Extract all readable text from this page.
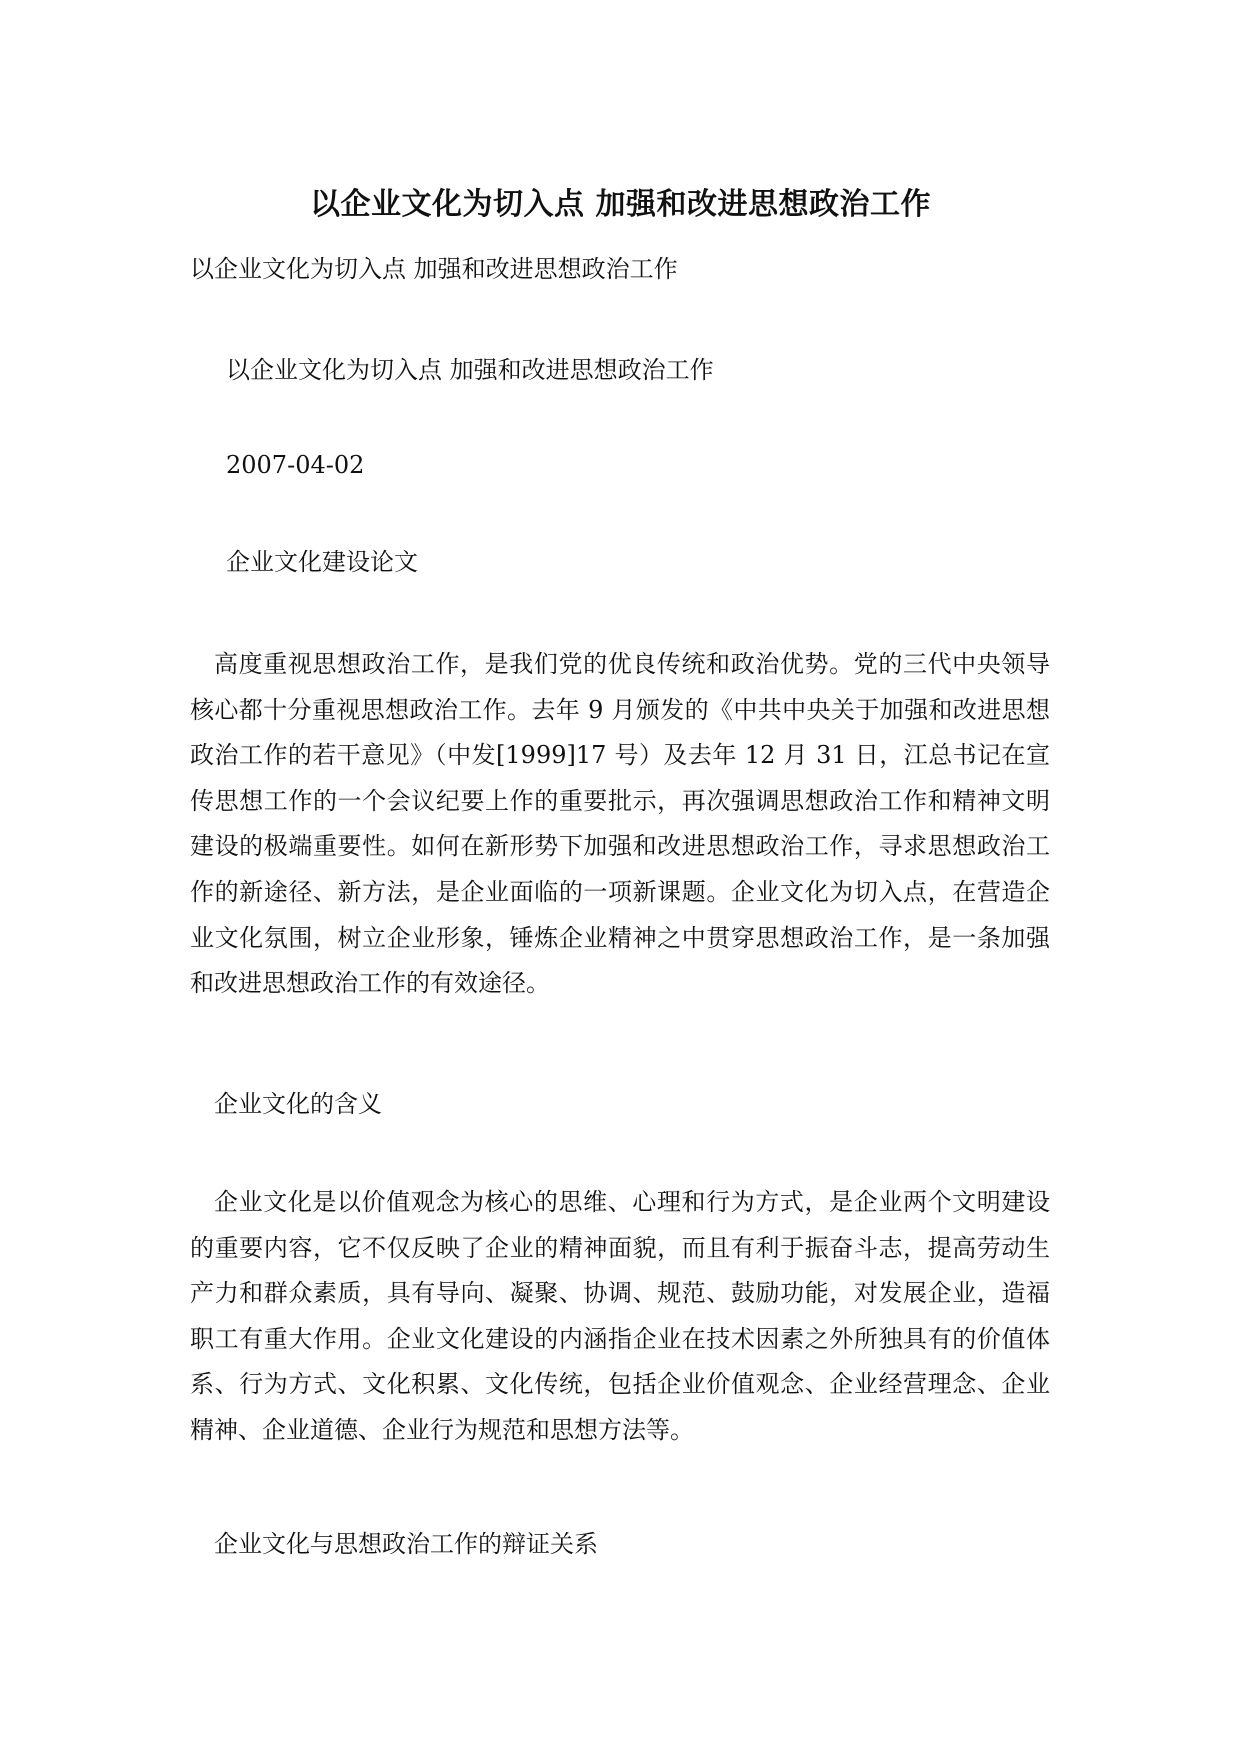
以企业文化为切入点 加强和改进思想政治工作
以企业文化为切入点 加强和改进思想政治工作
以企业文化为切入点 加强和改进思想政治工作
2007-04-02
企业文化建设论文
高度重视思想政治工作，是我们党的优良传统和政治优势。党的三代中央领导核心都十分重视思想政治工作。去年 9 月颁发的《中共中央关于加强和改进思想政治工作的若干意见》（中发[1999]17 号）及去年 12 月 31 日，江总书记在宣传思想工作的一个会议纪要上作的重要批示，再次强调思想政治工作和精神文明建设的极端重要性。如何在新形势下加强和改进思想政治工作，寻求思想政治工作的新途径、新方法，是企业面临的一项新课题。企业文化为切入点，在营造企业文化氛围，树立企业形象，锤炼企业精神之中贯穿思想政治工作，是一条加强和改进思想政治工作的有效途径。
企业文化的含义
企业文化是以价值观念为核心的思维、心理和行为方式，是企业两个文明建设的重要内容，它不仅反映了企业的精神面貌，而且有利于振奋斗志，提高劳动生产力和群众素质，具有导向、凝聚、协调、规范、鼓励功能，对发展企业，造福职工有重大作用。企业文化建设的内涵指企业在技术因素之外所独具有的价值体系、行为方式、文化积累、文化传统，包括企业价值观念、企业经营理念、企业精神、企业道德、企业行为规范和思想方法等。
企业文化与思想政治工作的辩证关系
